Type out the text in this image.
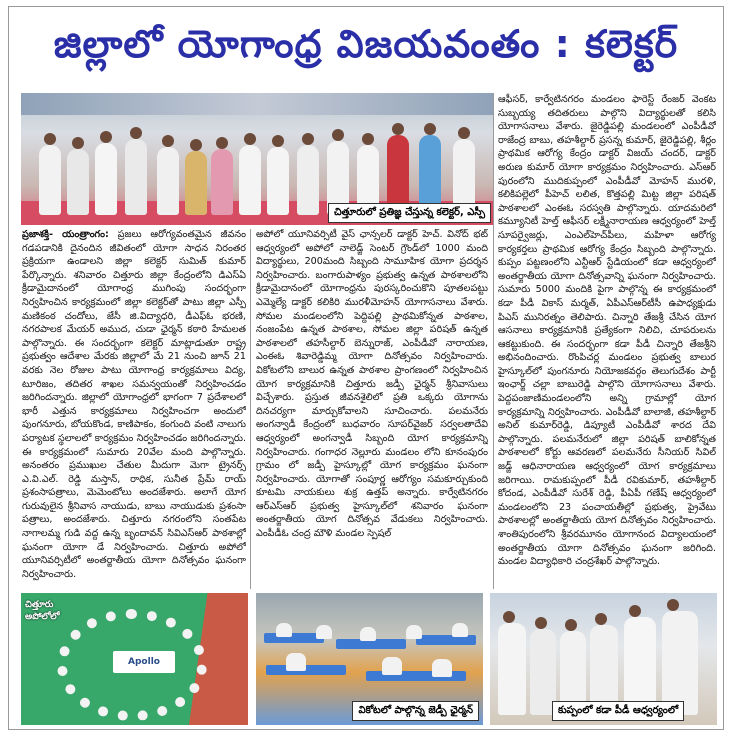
జిల్లాలో యోగాంధ్ర విజయవంతం : కలెక్టర్
చిత్తూరులో ప్రతిజ్ఞ చేస్తున్న కలెక్టర్, ఎస్పీ

ప్రజాశక్తి- యంత్రాంగం: ప్రజలు ఆరోగ్యవంతమైన జీవనం గడపడానికి దైనందిన జీవితంలో యోగా సాధన నిరంతర ప్రక్రియగా ఉండాలని జిల్లా కలెక్టర్ సుమిత్ కుమార్ పేర్కొన్నారు. శనివారం చిత్తూరు జిల్లా కేంద్రంలోని డిఎస్ఏ క్రీడామైదానంలో యోగాంధ్ర ముగింపు సందర్భంగా నిర్వహించిన కార్యక్రమంలో జిల్లా కలెక్టర్‌తో పాటు జిల్లా ఎస్పీ మణికంఠ చందోలు, జేసీ జి.విద్యాధరి, డీఎఫ్ఓ భరణి, నగరపాలక మేయర్ అముద, చుడా ఛైర్మన్ కఠారి హేమలత పాల్గొన్నారు. ఈ సందర్భంగా కలెక్టర్ మాట్లాడుతూ రాష్ట్ర ప్రభుత్వం ఆదేశాల మేరకు జిల్లాలో మే 21 నుంచి జూన్ 21 వరకు నెల రోజుల పాటు యోగాంధ్ర కార్యక్రమాలు విద్య, టూరిజం, తదితర శాఖల సమన్వయంతో నిర్వహించడం జరిగిందన్నారు. జిల్లాలో యోగాంధ్రలో భాగంగా 7 ప్రదేశాలలో భారీ ఎత్తున కార్యక్రమాలు నిర్వహించగా అందులో పుంగనూరు, బోయకొండ, కాణిపాకం, కంగుంది వంటి నాలుగు పర్యాటక స్థలాలలో కార్యక్రమం నిర్వహించడం జరిగిందన్నారు. ఈ కార్యక్రమంలో సుమారు 20వేల మంది పాల్గొన్నారు. అనంతరం ప్రముఖుల చేతుల మీదుగా మెగా ట్రైనర్స్ ఎ.వి.ఎల్. రెడ్డి మస్తాన్, రాధిక, సునీత ప్రేమ్ రాయ్ ప్రశంసాపత్రాలు, మెమెంటోలు అందజేశారు. అలాగే యోగ గురువులైన శ్రీనివాస నాయుడు, బాబు నాయుడుకు ప్రశంసా పత్రాలు, అందజేశారు. చిత్తూరు నగరంలోని సంతపేట నాగాలమ్మ గుడి వద్ద ఉన్న బృందావన్ సివిఎస్ఆర్ పాఠశాల్లో ఘనంగా యోగా డే నిర్వహించారు. చిత్తూరు అపోలో యూనివర్సిటీలో అంతర్జాతీయ యోగా దినోత్సవం ఘనంగా నిర్వహించారు.

అపోలో యూనివర్సిటీ వైస్ ఛాన్సలర్ డాక్టర్ హెచ్. వినోద్ భట్ ఆధ్వర్యంలో అపోలో నాలెడ్జ్ సెంటర్ గ్రౌండ్‌లో 1000 మంది విద్యార్థులు, 200మంది సిబ్బంది సామూహిక యోగా ప్రదర్శన నిర్వహించారు. బంగారుపాళ్యం ప్రభుత్వ ఉన్నత పాఠశాలలోని క్రీడామైదానంలో యోగాంధ్రను పురస్కరించుకొని పూతలపట్టు ఎమ్మెల్యే డాక్టర్ కలికిరి మురళీమోహన్ యోగాసనాలు వేశారు. సోమల మండలంలోని పెద్దిపల్లి ప్రాథమికోన్నత పాఠశాల, నంజంపేట ఉన్నత పాఠశాల, సోమల జిల్లా పరిషత్ ఉన్నత పాఠశాలలో తహసీల్దార్ బెన్నురాజ్, ఎంపీడీవో నారాయణ, ఎంఈఓ శివారెడ్డిమ్మ యోగా దినోత్సవం నిర్వహించారు. వికోటలోని బాలుర ఉన్నత పాఠశాల ప్రాంగణంలో నిర్వహించిన యోగ కార్యక్రమానికి చిత్తూరు జడ్పీ ఛైర్మన్ శ్రీనివాసులు విచ్చేశారు. ప్రస్తుత జీవనశైలిలో ప్రతి ఒక్కరు యోగాను దినచర్యగా మార్చుకోవాలని సూచించారు. పలమనేరు అంగన్వాడీ కేంద్రంలో బుధవారం సూపర్‌వైజర్ సర్వలతాదేవి ఆధ్వర్యంలో అంగన్వాడీ సిబ్బంది యోగ కార్యక్రమాన్ని నిర్వహించారు. గంగాధర నెల్లూరు మండలం లోని కూనంపురం గ్రామం లో జడ్పీ హైస్కూల్లో యోగ కార్యక్రమం ఘనంగా నిర్వహించారు. యోగాతో సంపూర్ణ ఆరోగ్యం సమకూర్చుకుంది కూటమి నాయకులు శుక్ర ఉత్తప్ అన్నారు. కార్వేటినగరం ఆర్ఎస్ఆర్ ప్రభుత్వ హైస్కూల్‌లో శనివారం ఘనంగా అంతర్జాతీయ యోగ దినోత్సవ వేడుకలు నిర్వహించారు. ఎంపీడీఓ చంద్ర మౌళి మండల స్పెషల్

ఆఫీసర్, కార్వేటినగరం మండలం ఫారెస్ట్ రేంజర్ వెంకట సుబ్బయ్య తదితరులు పాల్గొని విద్యార్థులతో కలిసి యోగాసనాలు వేశారు. జైరెడ్డిపల్లి మండలంలో ఎంపీడీవో రాజేంద్ర బాబు, తహశీల్దార్ ప్రసన్న కుమార్, జైరెడ్డిపల్లి, శీర్లం ప్రాథమిక ఆరోగ్య కేంద్రం డాక్టర్ విజయ్ చందర్, డాక్టర్ అరుణ కుమార్ యోగా కార్యక్రమం నిర్వహించారు. ఎస్ఆర్ పురంలోని ముదికుప్పంలో ఎంపీడీవో మోహన్ మురళి, కలికిపల్లెలో పీహెచ్ లలిత, కొత్తపల్లి మిట్ట జిల్లా పరిషత్ పాఠశాలలో ఎంఈఓ సరస్వతి పాల్గొన్నారు. యాదమరిలో కమ్యూనిటీ హెల్త్ ఆఫీసర్ లక్ష్మీనారాయణ ఆధ్వర్యంలో హెల్త్ సూపర్వైజర్లు, ఎంఎల్‌హెచ్‌పీలు, మహిళా ఆరోగ్య కార్యకర్తలు ప్రాథమిక ఆరోగ్య కేంద్రం సిబ్బంది పాల్గొన్నారు. కుప్పం పట్టణంలోని ఎన్టీఆర్ స్టేడియంలో కడా ఆధ్వర్యంలో అంతర్జాతీయ యోగా దినోత్సవాన్ని ఘనంగా నిర్వహించారు. సుమారు 5000 మందికి పైగా పాల్గొన్న ఈ కార్యక్రమంలో కడా పీడీ వికాస్ మర్మత్, ఏపీఎస్‌ఆర్‌టీసీ ఉపాధ్యక్షుడు పిఎస్ మునిరత్నం తెలిపారు. చిన్నారి తేజశ్రీ చేసిన యోగ ఆసనాలు కార్యక్రమానికి ప్రత్యేకంగా నిలిచి, చూపరులను ఆకట్టుకుంది. ఈ సందర్భంగా కడా పీడీ చిన్నారి తేజశ్రీని అభినందించారు. రొంపిచర్ల మండలం ప్రభుత్వ బాలుర హైస్కూల్‌లో పుంగనూరు నియోజకవర్గం తెలుగుదేశం పార్టీ ఇంఛార్జ్ చల్లా బాబురెడ్డి పాల్గొని యోగాసనాలు వేశారు. పెద్దపంజాణిమండలంలోని అన్ని గ్రామాల్లో యోగ కార్యక్రమాన్ని నిర్వహించారు. ఎంపీడీవో బాలాజీ, తహశీల్దార్ అనిల్ కుమార్‌రెడ్డి, డిప్యూటీ ఎంపీడీవో శారద దేవి పాల్గొన్నారు. పలమనేరులో జిల్లా పరిషత్ బాలికోన్నత పాఠశాలలో కోర్టు ఆవరణలో పలమనేరు సీనియర్ సివిల్ జడ్జ్ ఆధినారాయణ ఆధ్వర్యంలో యోగ కార్యక్రమాలు జరిగాయి. రామకుప్పంలో పీడీ రవికుమార్, తహశీల్దార్ కోదండ, ఎంపీడీవో సురేశ్ రెడ్డి, పీఏపీ గణేష్ ఆధ్వర్యంలో మండలంలోని 23 పంచాయతీల్లో ప్రభుత్వ, ప్రైవేటు పాఠశాలల్లో అంతర్జాతీయ యోగ దినోత్సవం నిర్వహించారు. శాంతిపురంలోని శ్రీవరమూనం యోగానంద విద్యాలయంలో అంతర్జాతీయ యోగా దినోత్సవం ఘనంగా జరిగింది. మండల విద్యాధికారి చంద్రశేఖర్ పాల్గొన్నారు.

Apollo
చిత్తూరు
అపోలోలో
వికోటలో పాల్గొన్న జెడ్పీ ఛైర్మన్	కుప్పంలో కడా పీడీ ఆధ్వర్యంలో
